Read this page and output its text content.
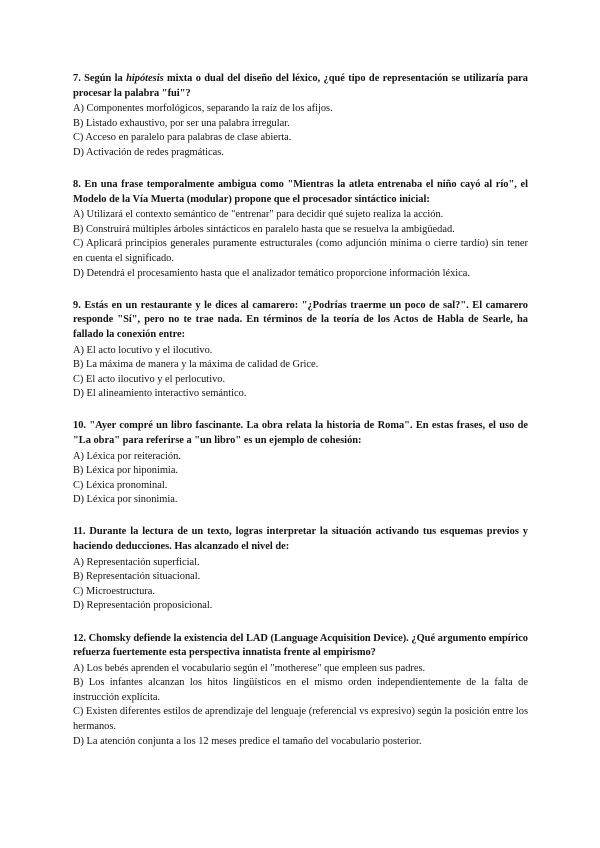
7. Según la hipótesis mixta o dual del diseño del léxico, ¿qué tipo de representación se utilizaría para procesar la palabra "fui"?

A) Componentes morfológicos, separando la raíz de los afijos.

B) Listado exhaustivo, por ser una palabra irregular.

C) Acceso en paralelo para palabras de clase abierta.

D) Activación de redes pragmáticas.

8. En una frase temporalmente ambigua como "Mientras la atleta entrenaba el niño cayó al río", el Modelo de la Vía Muerta (modular) propone que el procesador sintáctico inicial:

A) Utilizará el contexto semántico de "entrenar" para decidir qué sujeto realiza la acción.

B) Construirá múltiples árboles sintácticos en paralelo hasta que se resuelva la ambigüedad.

C) Aplicará principios generales puramente estructurales (como adjunción mínima o cierre tardío) sin tener en cuenta el significado.

D) Detendrá el procesamiento hasta que el analizador temático proporcione información léxica.

9. Estás en un restaurante y le dices al camarero: "¿Podrías traerme un poco de sal?". El camarero responde "Sí", pero no te trae nada. En términos de la teoría de los Actos de Habla de Searle, ha fallado la conexión entre:

A) El acto locutivo y el ilocutivo.

B) La máxima de manera y la máxima de calidad de Grice.

C) El acto ilocutivo y el perlocutivo.

D) El alineamiento interactivo semántico.

10. "Ayer compré un libro fascinante. La obra relata la historia de Roma". En estas frases, el uso de "La obra" para referirse a "un libro" es un ejemplo de cohesión:

A) Léxica por reiteración.

B) Léxica por hiponimia.

C) Léxica pronominal.

D) Léxica por sinonimia.

11. Durante la lectura de un texto, logras interpretar la situación activando tus esquemas previos y haciendo deducciones. Has alcanzado el nivel de:

A) Representación superficial.

B) Representación situacional.

C) Microestructura.

D) Representación proposicional.

12. Chomsky defiende la existencia del LAD (Language Acquisition Device). ¿Qué argumento empírico refuerza fuertemente esta perspectiva innatista frente al empirismo?

A) Los bebés aprenden el vocabulario según el "motherese" que empleen sus padres.

B) Los infantes alcanzan los hitos lingüísticos en el mismo orden independientemente de la falta de instrucción explícita.

C) Existen diferentes estilos de aprendizaje del lenguaje (referencial vs expresivo) según la posición entre los hermanos.

D) La atención conjunta a los 12 meses predice el tamaño del vocabulario posterior.
